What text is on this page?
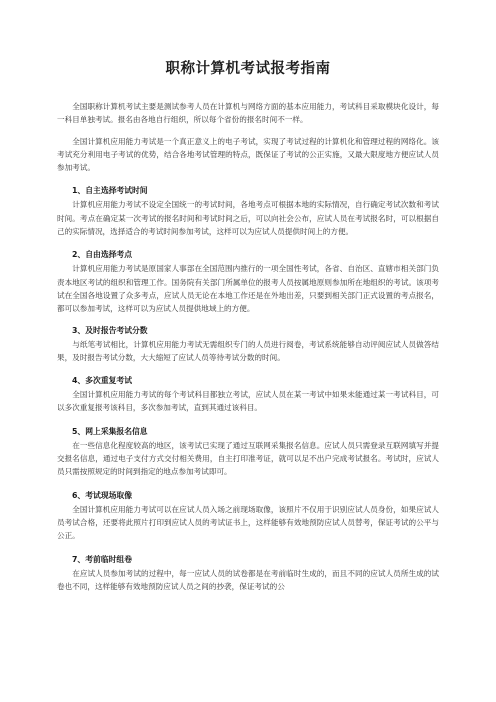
职称计算机考试报考指南

全国职称计算机考试主要是测试参考人员在计算机与网络方面的基本应用能力，考试科目采取模块化设计，每一科目单独考试。报名由各地自行组织，所以每个省份的报名时间不一样。

全国计算机应用能力考试是一个真正意义上的电子考试，实现了考试过程的计算机化和管理过程的网络化。该考试充分利用电子考试的优势，结合各地考试管理的特点，既保证了考试的公正实施，又最大限度地方便应试人员参加考试。

1、自主选择考试时间

计算机应用能力考试不设定全国统一的考试时间，各地考点可根据本地的实际情况，自行确定考试次数和考试时间。考点在确定某一次考试的报名时间和考试时间之后，可以向社会公布，应试人员在考试报名时，可以根据自己的实际情况，选择适合的考试时间参加考试，这样可以为应试人员提供时间上的方便。

2、自由选择考点

计算机应用能力考试是原国家人事部在全国范围内推行的一项全国性考试，各省、自治区、直辖市相关部门负责本地区考试的组织和管理工作。国务院有关部门所属单位的报考人员按属地原则参加所在地组织的考试。该项考试在全国各地设置了众多考点，应试人员无论在本地工作还是在外地出差，只要到相关部门正式设置的考点报名，都可以参加考试，这样可以为应试人员提供地域上的方便。

3、及时报告考试分数

与纸笔考试相比，计算机应用能力考试无需组织专门的人员进行阅卷，考试系统能够自动评阅应试人员做答结果，及时报告考试分数，大大缩短了应试人员等待考试分数的时间。

4、多次重复考试

全国计算机应用能力考试的每个考试科目都独立考试，应试人员在某一考试中如果未能通过某一考试科目，可以多次重复报考该科目，多次参加考试，直到其通过该科目。

5、网上采集报名信息

在一些信息化程度较高的地区，该考试已实现了通过互联网采集报名信息。应试人员只需登录互联网填写并提交报名信息，通过电子支付方式交付相关费用，自主打印准考证，就可以足不出户完成考试报名。考试时，应试人员只需按照规定的时间到指定的地点参加考试即可。

6、考试现场取像

全国计算机应用能力考试可以在应试人员入场之前现场取像，该照片不仅用于识别应试人员身份，如果应试人员考试合格，还要将此照片打印到应试人员的考试证书上，这样能够有效地预防应试人员替考，保证考试的公平与公正。

7、考前临时组卷

在应试人员参加考试的过程中，每一应试人员的试卷都是在考前临时生成的，而且不同的应试人员所生成的试卷也不同，这样能够有效地预防应试人员之间的抄袭，保证考试的公
